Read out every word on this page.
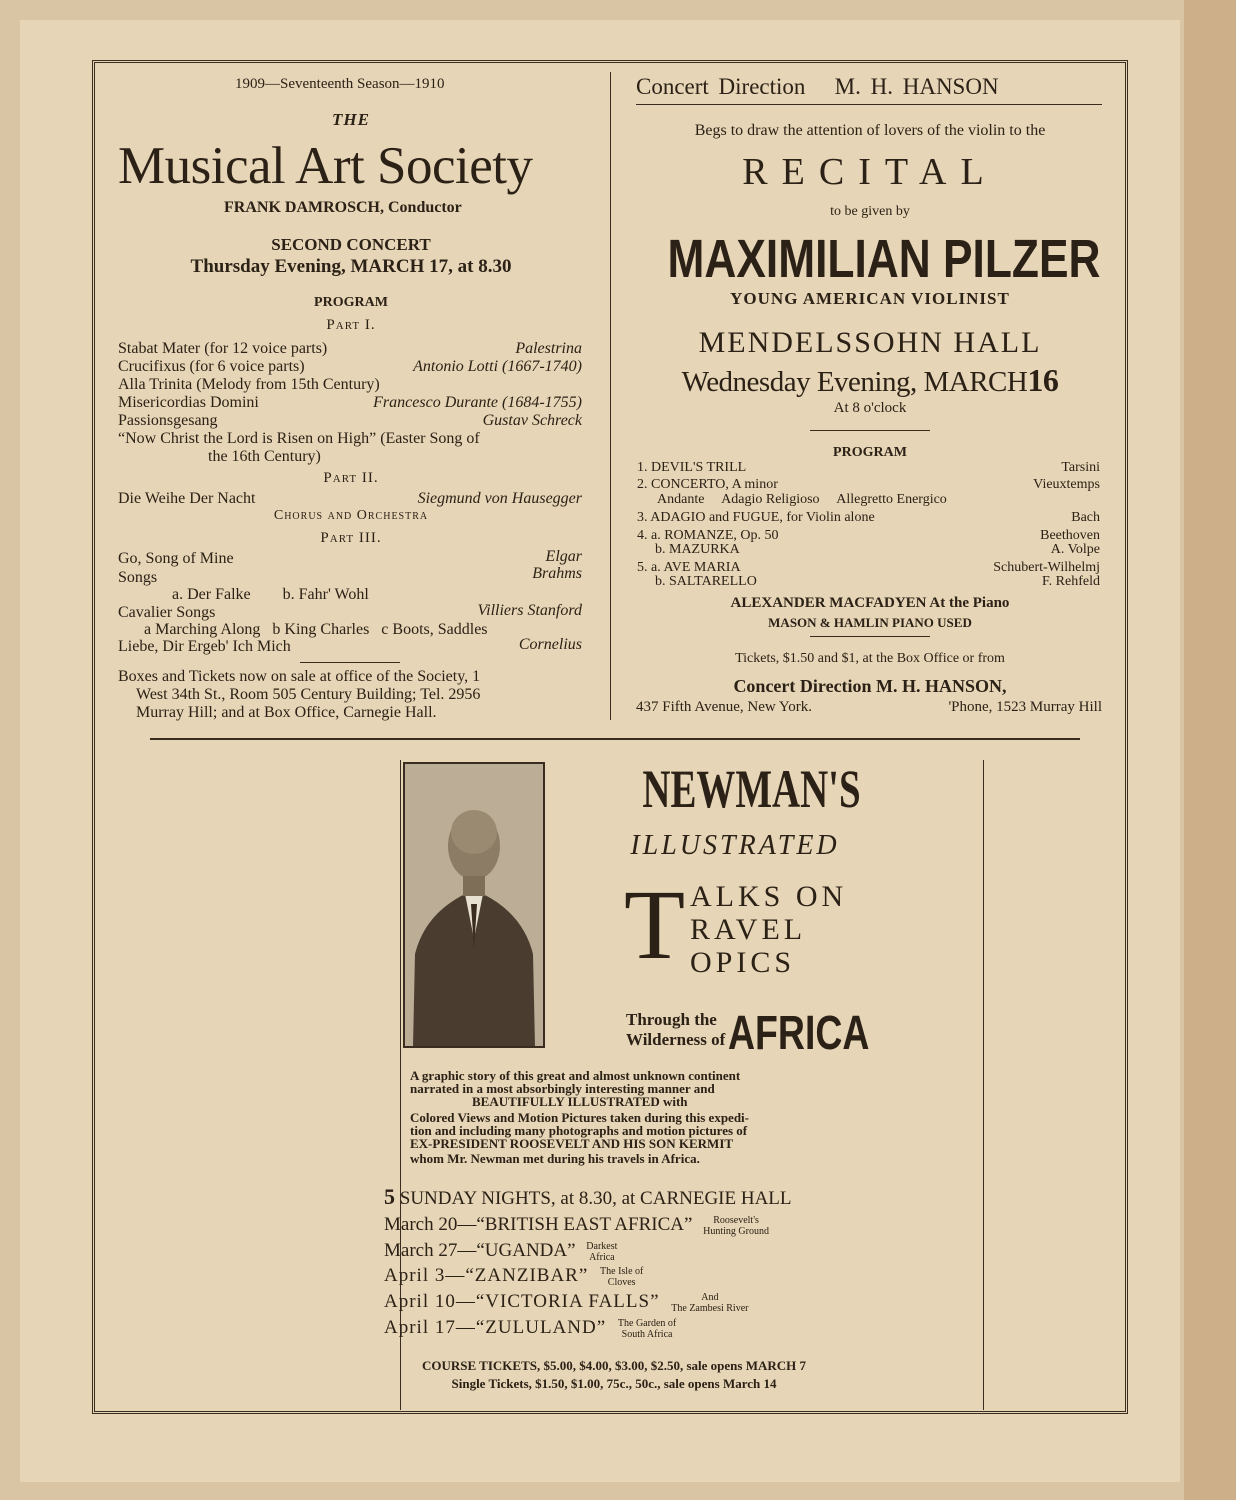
1909—Seventeenth Season—1910
THE
Musical Art Society
FRANK DAMROSCH, Conductor
SECOND CONCERT
Thursday Evening, MARCH 17, at 8.30
PROGRAM
Part I.
Stabat Mater (for 12 voice parts)	Palestrina
Crucifixus (for 6 voice parts)	Antonio Lotti (1667-1740)
Alla Trinita (Melody from 15th Century)
Misericordias Domini	Francesco Durante (1684-1755)
Passionsgesang	Gustav Schreck
“Now Christ the Lord is Risen on High” (Easter Song of
the 16th Century)
Part II.
Die Weihe Der Nacht	Siegmund von Hausegger
Chorus and Orchestra
Part III.
Go, Song of Mine	Elgar
Songs	Brahms
a. Der Falke        b. Fahr' Wohl
Cavalier Songs	Villiers Stanford
a Marching Along   b King Charles   c Boots, Saddles
Liebe, Dir Ergeb' Ich Mich	Cornelius
Boxes and Tickets now on sale at office of the Society, 1
West 34th St., Room 505 Century Building; Tel. 2956
Murray Hill; and at Box Office, Carnegie Hall.
Concert Direction   M. H. HANSON
Begs to draw the attention of lovers of the violin to the
RECITAL
to be given by
MAXIMILIAN PILZER
YOUNG AMERICAN VIOLINIST
MENDELSSOHN HALL
Wednesday Evening, MARCH16
At 8 o'clock
PROGRAM
1. DEVIL'S TRILL	Tarsini
2. CONCERTO, A minor	Vieuxtemps
Andante     Adagio Religioso     Allegretto Energico
3. ADAGIO and FUGUE, for Violin alone	Bach
4. a. ROMANZE, Op. 50	Beethoven
b. MAZURKA	A. Volpe
5. a. AVE MARIA	Schubert-Wilhelmj
b. SALTARELLO	F. Rehfeld
ALEXANDER MACFADYEN At the Piano
MASON & HAMLIN PIANO USED
Tickets, $1.50 and $1, at the Box Office or from
Concert Direction M. H. HANSON,
437 Fifth Avenue, New York.	'Phone, 1523 Murray Hill
NEWMAN'S
ILLUSTRATED
T ALKS ON
RAVEL
OPICS
Through the
Wilderness of AFRICA
A graphic story of this great and almost unknown continent
narrated in a most absorbingly interesting manner and
BEAUTIFULLY ILLUSTRATED with
Colored Views and Motion Pictures taken during this expedi-
tion and including many photographs and motion pictures of
EX-PRESIDENT ROOSEVELT AND HIS SON KERMIT
whom Mr. Newman met during his travels in Africa.
5 SUNDAY NIGHTS, at 8.30, at CARNEGIE HALL
March 20—“BRITISH EAST AFRICA” Roosevelt's
Hunting Ground
March 27—“UGANDA” Darkest
Africa
April 3—“ZANZIBAR” The Isle of
Cloves
April 10—“VICTORIA FALLS”	And
The Zambesi River
April 17—“ZULULAND” The Garden of
South Africa
COURSE TICKETS, $5.00, $4.00, $3.00, $2.50, sale opens MARCH 7
Single Tickets, $1.50, $1.00, 75c., 50c., sale opens March 14
